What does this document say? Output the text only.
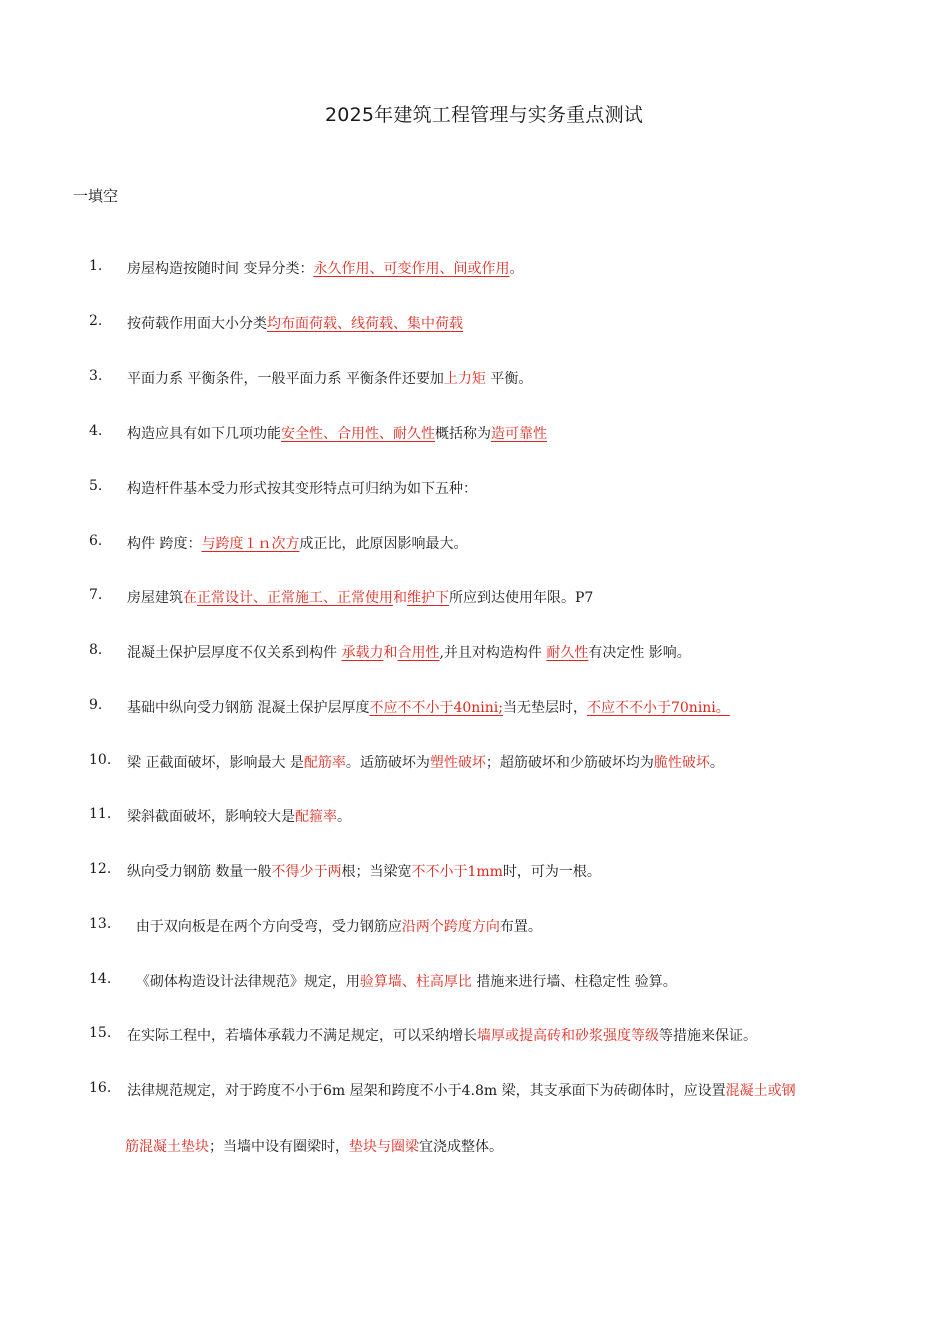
2025年建筑工程管理与实务重点测试
一填空
1. 房屋构造按随时间 变异分类：永久作用、可变作用、间或作用。
2. 按荷载作用面大小分类均布面荷载、线荷载、集中荷载
3. 平面力系 平衡条件，一般平面力系 平衡条件还要加上力矩 平衡。
4. 构造应具有如下几项功能安全性、合用性、耐久性概括称为造可靠性
5. 构造杆件基本受力形式按其变形特点可归纳为如下五种：
6. 构件 跨度：与跨度１ｎ次方成正比，此原因影响最大。
7. 房屋建筑在正常设计、正常施工、正常使用和维护下所应到达使用年限。P7
8. 混凝土保护层厚度不仅关系到构件 承载力和合用性,并且对构造构件 耐久性有决定性 影响。
9. 基础中纵向受力钢筋 混凝土保护层厚度不应不不小于40nini;当无垫层时，不应不不小于70nini。
10. 梁 正截面破坏，影响最大 是配筋率。适筋破坏为塑性破坏；超筋破坏和少筋破坏均为脆性破坏。
11. 梁斜截面破坏，影响较大是配箍率。
12. 纵向受力钢筋 数量一般不得少于两根；当梁宽不不小于1mm时，可为一根。
13. 由于双向板是在两个方向受弯，受力钢筋应沿两个跨度方向布置。
14. 《砌体构造设计法律规范》规定，用验算墙、柱高厚比 措施来进行墙、柱稳定性 验算。
15. 在实际工程中，若墙体承载力不满足规定，可以采纳增长墙厚或提高砖和砂浆强度等级等措施来保证。
16. 法律规范规定，对于跨度不小于6m 屋架和跨度不小于4.8m 梁，其支承面下为砖砌体时，应设置混凝土或钢
筋混凝土垫块；当墙中设有圈梁时，垫块与圈梁宜浇成整体。
